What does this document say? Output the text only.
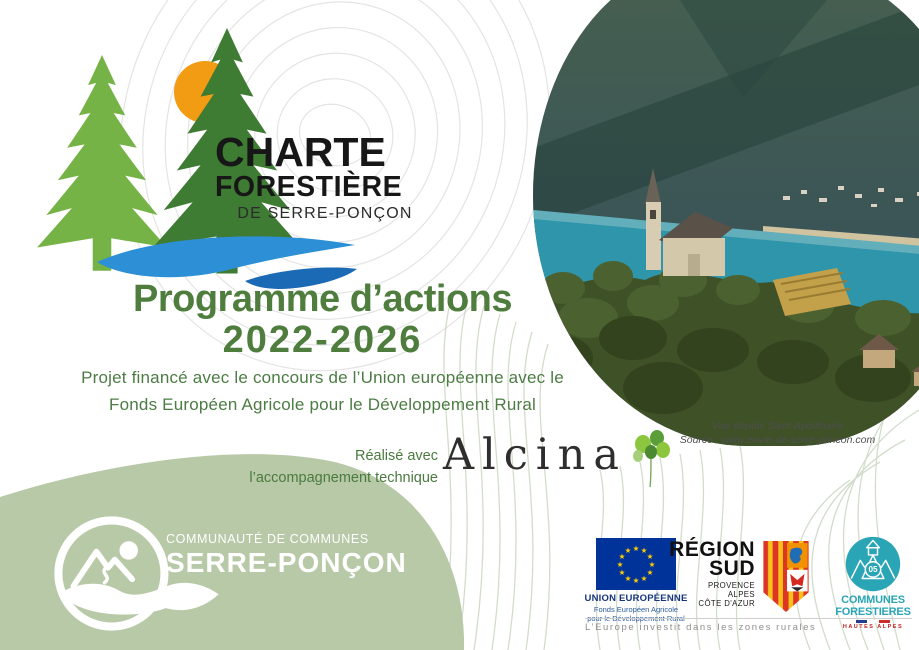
CHARTE
FORESTIÈRE
DE SERRE-PONÇON
Programme d’actions
2022-2026
Projet financé avec le concours de l’Union européenne avec le
Fonds Européen Agricole pour le Développement Rural
Vue depuis Saint Apollinaire
Source : www.envie-de-serre-poncon.com
Réalisé avec
l’accompagnement technique Alcina
COMMUNAUTÉ DE COMMUNES
SERRE-PONÇON	★ ★
★
★
★
★
★
★
★
★
★
★
UNION EUROPÉENNE
Fonds Européen Agricole
RÉGION
SUD
PROVENCE
ALPES
CÔTE D'AZUR
05
COMMUNES
FORESTIERES
HAUTES ALPES
L’Europe investit dans les zones rurales
